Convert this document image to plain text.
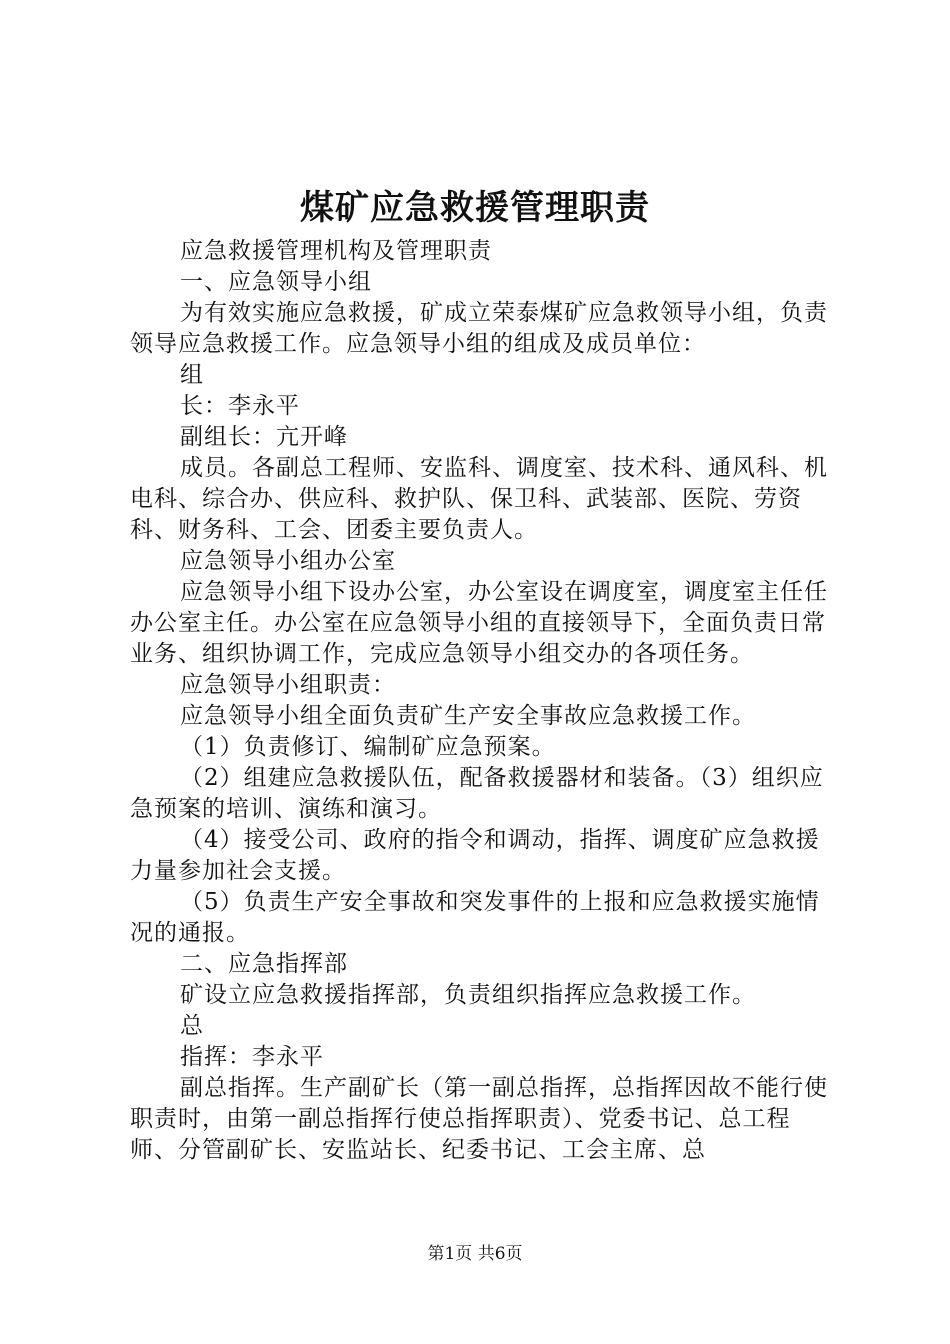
煤矿应急救援管理职责

应急救援管理机构及管理职责

一、应急领导小组

为有效实施应急救援，矿成立荣泰煤矿应急救领导小组，负责领导应急救援工作。应急领导小组的组成及成员单位：

组

长：李永平

副组长：亢开峰

成员。各副总工程师、安监科、调度室、技术科、通风科、机电科、综合办、供应科、救护队、保卫科、武装部、医院、劳资科、财务科、工会、团委主要负责人。

应急领导小组办公室

应急领导小组下设办公室，办公室设在调度室，调度室主任任办公室主任。办公室在应急领导小组的直接领导下，全面负责日常业务、组织协调工作，完成应急领导小组交办的各项任务。

应急领导小组职责：

应急领导小组全面负责矿生产安全事故应急救援工作。

（1）负责修订、编制矿应急预案。

（2）组建应急救援队伍，配备救援器材和装备。（3）组织应急预案的培训、演练和演习。

（4）接受公司、政府的指令和调动，指挥、调度矿应急救援力量参加社会支援。

（5）负责生产安全事故和突发事件的上报和应急救援实施情况的通报。

二、应急指挥部

矿设立应急救援指挥部，负责组织指挥应急救援工作。

总

指挥：李永平

副总指挥。生产副矿长（第一副总指挥，总指挥因故不能行使职责时，由第一副总指挥行使总指挥职责）、党委书记、总工程师、分管副矿长、安监站长、纪委书记、工会主席、总

第1页 共6页
